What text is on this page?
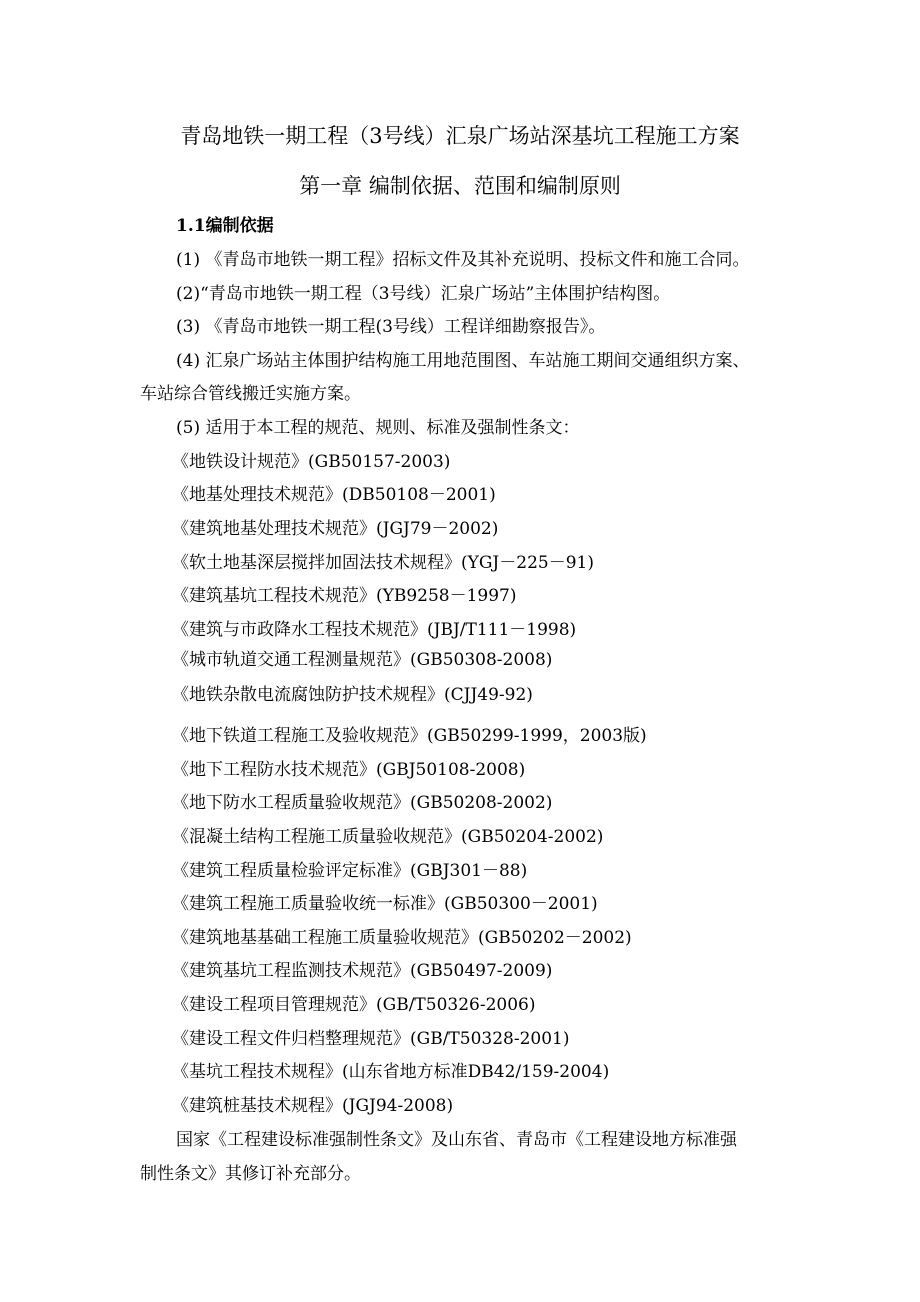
青岛地铁一期工程（3号线）汇泉广场站深基坑工程施工方案
第一章 编制依据、范围和编制原则
1.1编制依据
(1) 《青岛市地铁一期工程》招标文件及其补充说明、投标文件和施工合同。
(2)“青岛市地铁一期工程（3号线）汇泉广场站”主体围护结构图。
(3) 《青岛市地铁一期工程(3号线）工程详细勘察报告》。
(4) 汇泉广场站主体围护结构施工用地范围图、车站施工期间交通组织方案、
车站综合管线搬迁实施方案。
(5) 适用于本工程的规范、规则、标准及强制性条文：
《地铁设计规范》(GB50157-2003)
《地基处理技术规范》(DB50108－2001)
《建筑地基处理技术规范》(JGJ79－2002)
《软土地基深层搅拌加固法技术规程》(YGJ－225－91)
《建筑基坑工程技术规范》(YB9258－1997)
《建筑与市政降水工程技术规范》(JBJ/T111－1998)
《城市轨道交通工程测量规范》(GB50308-2008)
《地铁杂散电流腐蚀防护技术规程》(CJJ49-92)
《地下铁道工程施工及验收规范》(GB50299-1999，2003版)
《地下工程防水技术规范》(GBJ50108-2008)
《地下防水工程质量验收规范》(GB50208-2002)
《混凝土结构工程施工质量验收规范》(GB50204-2002)
《建筑工程质量检验评定标准》(GBJ301－88)
《建筑工程施工质量验收统一标准》(GB50300－2001)
《建筑地基基础工程施工质量验收规范》(GB50202－2002)
《建筑基坑工程监测技术规范》(GB50497-2009)
《建设工程项目管理规范》(GB/T50326-2006)
《建设工程文件归档整理规范》(GB/T50328-2001)
《基坑工程技术规程》(山东省地方标准DB42/159-2004)
《建筑桩基技术规程》(JGJ94-2008)
国家《工程建设标准强制性条文》及山东省、青岛市《工程建设地方标准强
制性条文》其修订补充部分。
